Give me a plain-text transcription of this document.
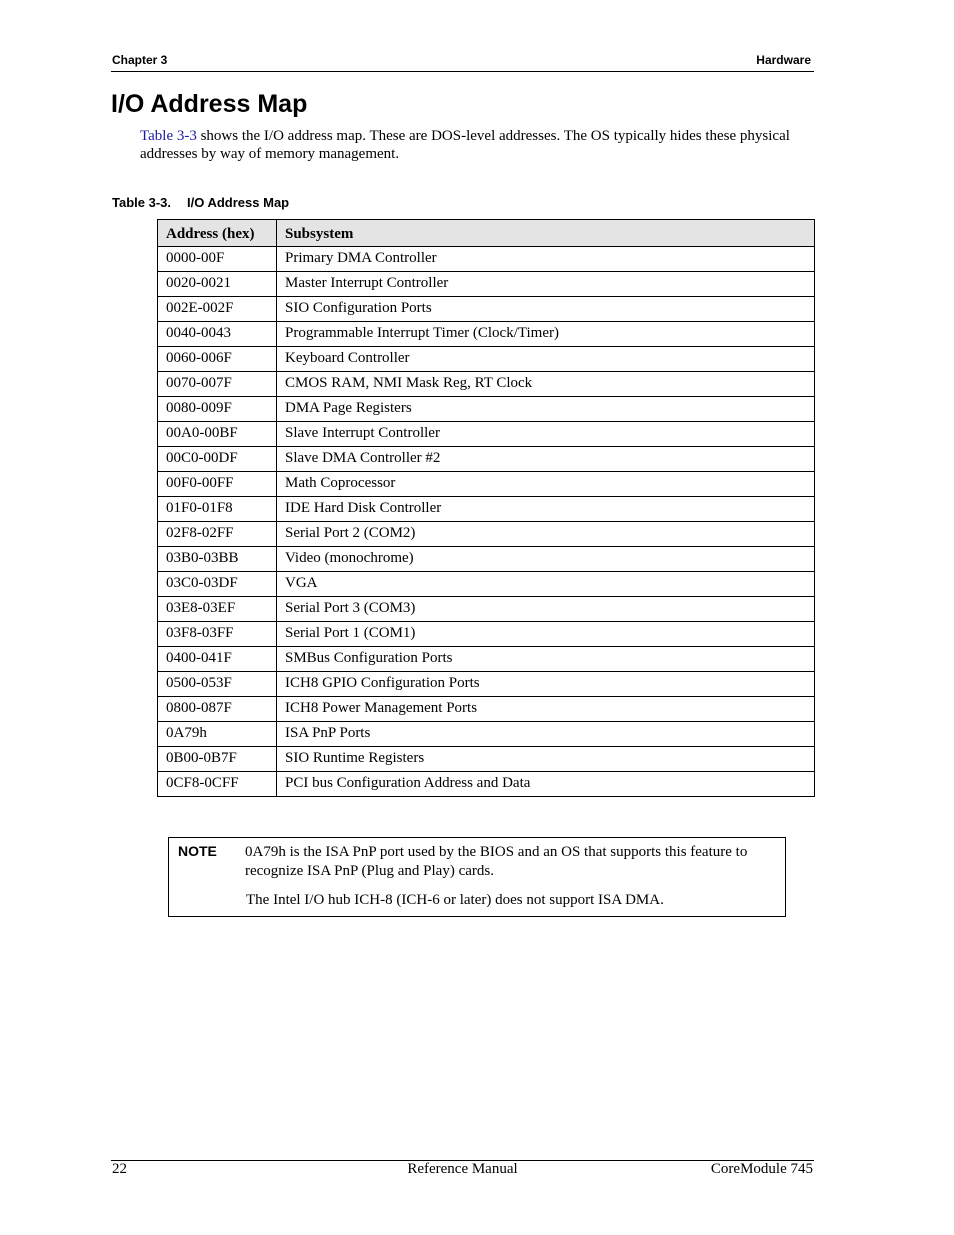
Chapter 3	Hardware
I/O Address Map
Table 3-3 shows the I/O address map. These are DOS-level addresses. The OS typically hides these physical addresses by way of memory management.
Table 3-3. I/O Address Map
Address (hex)	Subsystem
0000-00F	Primary DMA Controller
0020-0021	Master Interrupt Controller
002E-002F	SIO Configuration Ports
0040-0043	Programmable Interrupt Timer (Clock/Timer)
0060-006F	Keyboard Controller
0070-007F	CMOS RAM, NMI Mask Reg, RT Clock
0080-009F	DMA Page Registers
00A0-00BF	Slave Interrupt Controller
00C0-00DF	Slave DMA Controller #2
00F0-00FF	Math Coprocessor
01F0-01F8	IDE Hard Disk Controller
02F8-02FF	Serial Port 2 (COM2)
03B0-03BB	Video (monochrome)
03C0-03DF	VGA
03E8-03EF	Serial Port 3 (COM3)
03F8-03FF	Serial Port 1 (COM1)
0400-041F	SMBus Configuration Ports
0500-053F	ICH8 GPIO Configuration Ports
0800-087F	ICH8 Power Management Ports
0A79h	ISA PnP Ports
0B00-0B7F	SIO Runtime Registers
0CF8-0CFF	PCI bus Configuration Address and Data
NOTE 0A79h is the ISA PnP port used by the BIOS and an OS that supports this feature to recognize ISA PnP (Plug and Play) cards.
The Intel I/O hub ICH-8 (ICH-6 or later) does not support ISA DMA.
22	Reference Manual	CoreModule 745
